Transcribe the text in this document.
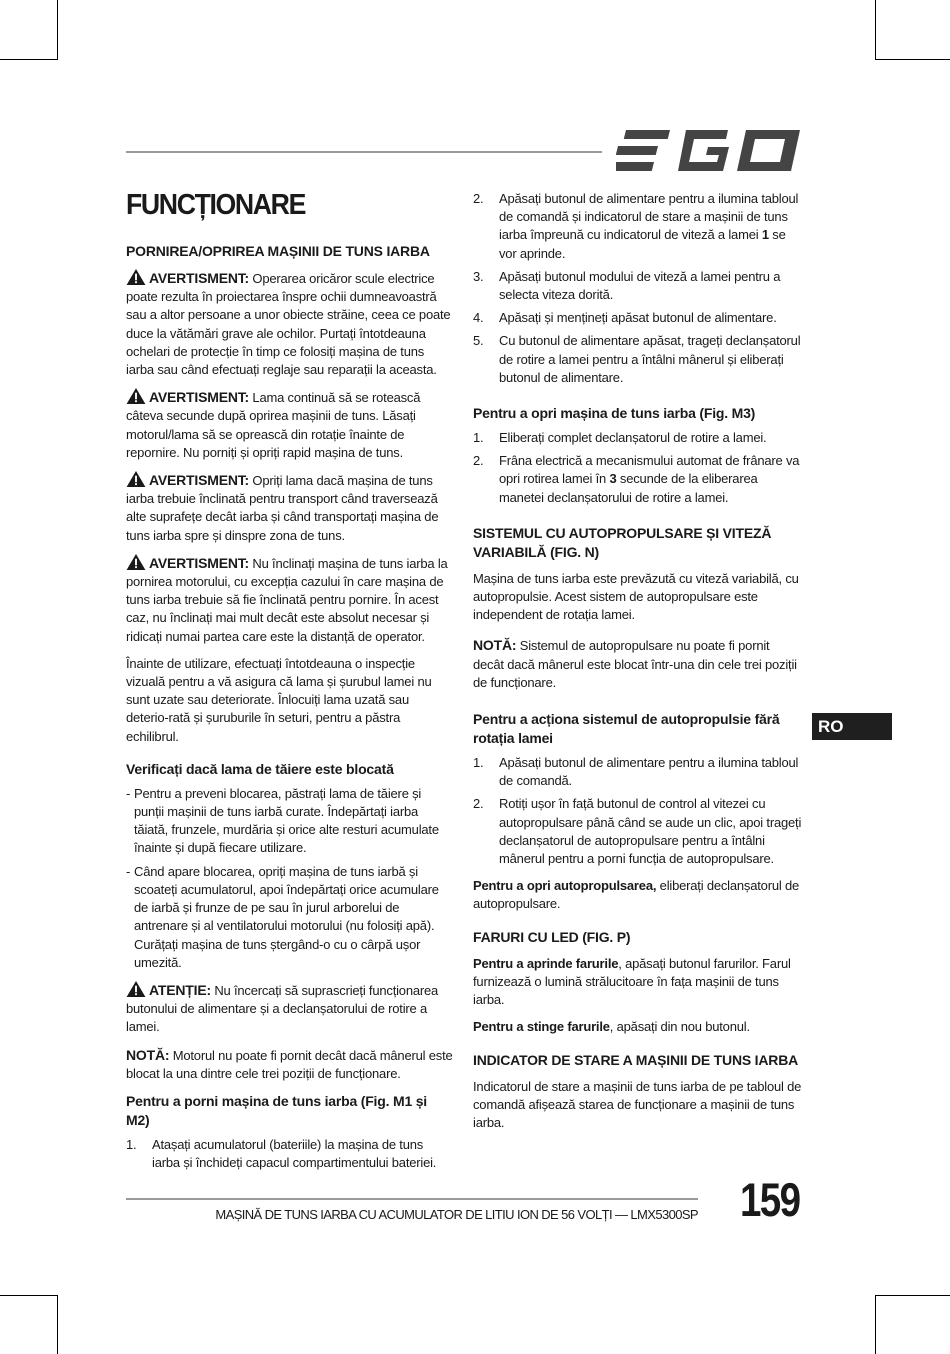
FUNCȚIONARE
PORNIREA/OPRIREA MAȘINII DE TUNS IARBA

AVERTISMENT: Operarea oricăror scule electrice poate rezulta în proiectarea înspre ochii dumneavoastră sau a altor persoane a unor obiecte străine, ceea ce poate duce la vătămări grave ale ochilor. Purtați întotdeauna ochelari de protecție în timp ce folosiți mașina de tuns iarba sau când efectuați reglaje sau reparații la aceasta.

AVERTISMENT: Lama continuă să se rotească câteva secunde după oprirea mașinii de tuns. Lăsați motorul/lama să se oprească din rotație înainte de repornire. Nu porniți și opriți rapid mașina de tuns.

AVERTISMENT: Opriți lama dacă mașina de tuns iarba trebuie înclinată pentru transport când traversează alte suprafețe decât iarba și când transportați mașina de tuns iarba spre și dinspre zona de tuns.

AVERTISMENT: Nu înclinați mașina de tuns iarba la pornirea motorului, cu excepția cazului în care mașina de tuns iarba trebuie să fie înclinată pentru pornire. În acest caz, nu înclinați mai mult decât este absolut necesar și ridicați numai partea care este la distanță de operator.

Înainte de utilizare, efectuați întotdeauna o inspecție vizuală pentru a vă asigura că lama și șurubul lamei nu sunt uzate sau deteriorate. Înlocuiți lama uzată sau deterio-rată și șuruburile în seturi, pentru a păstra echilibrul.

Verificați dacă lama de tăiere este blocată
- Pentru a preveni blocarea, păstrați lama de tăiere și punții mașinii de tuns iarbă curate. Îndepărtați iarba tăiată, frunzele, murdăria și orice alte resturi acumulate înainte și după fiecare utilizare.
- Când apare blocarea, opriți mașina de tuns iarbă și scoateți acumulatorul, apoi îndepărtați orice acumulare de iarbă și frunze de pe sau în jurul arborelui de antrenare și al ventilatorului motorului (nu folosiți apă). Curățați mașina de tuns ștergând-o cu o cârpă ușor umezită.

ATENȚIE: Nu încercați să suprascrieți funcționarea butonului de alimentare și a declanșatorului de rotire a lamei.

NOTĂ: Motorul nu poate fi pornit decât dacă mânerul este blocat la una dintre cele trei poziții de funcționare.

Pentru a porni mașina de tuns iarba (Fig. M1 și M2)
1. Atașați acumulatorul (bateriile) la mașina de tuns iarba și închideți capacul compartimentului bateriei.
2. Apăsați butonul de alimentare pentru a ilumina tabloul de comandă și indicatorul de stare a mașinii de tuns iarba împreună cu indicatorul de viteză a lamei 1 se vor aprinde.
3. Apăsați butonul modului de viteză a lamei pentru a selecta viteza dorită.
4. Apăsați și mențineți apăsat butonul de alimentare.
5. Cu butonul de alimentare apăsat, trageți declanșatorul de rotire a lamei pentru a întâlni mânerul și eliberați butonul de alimentare.
Pentru a opri mașina de tuns iarba (Fig. M3)
1. Eliberați complet declanșatorul de rotire a lamei.
2. Frâna electrică a mecanismului automat de frânare va opri rotirea lamei în 3 secunde de la eliberarea manetei declanșatorului de rotire a lamei.
SISTEMUL CU AUTOPROPULSARE ȘI VITEZĂ VARIABILĂ (FIG. N)

Mașina de tuns iarba este prevăzută cu viteză variabilă, cu autopropulsie. Acest sistem de autopropulsare este independent de rotația lamei.

NOTĂ: Sistemul de autopropulsare nu poate fi pornit decât dacă mânerul este blocat într-una din cele trei poziții de funcționare.

Pentru a acționa sistemul de autopropulsie fără rotația lamei
1. Apăsați butonul de alimentare pentru a ilumina tabloul de comandă.
2. Rotiți ușor în față butonul de control al vitezei cu autopropulsare până când se aude un clic, apoi trageți declanșatorul de autopropulsare pentru a întâlni mânerul pentru a porni funcția de autopropulsare.

Pentru a opri autopropulsarea, eliberați declanșatorul de autopropulsare.

FARURI CU LED (FIG. P)

Pentru a aprinde farurile, apăsați butonul farurilor. Farul furnizează o lumină strălucitoare în fața mașinii de tuns iarba.

Pentru a stinge farurile, apăsați din nou butonul.

INDICATOR DE STARE A MAȘINII DE TUNS IARBA

Indicatorul de stare a mașinii de tuns iarba de pe tabloul de comandă afișează starea de funcționare a mașinii de tuns iarba.

RO
MAȘINĂ DE TUNS IARBA CU ACUMULATOR DE LITIU ION DE 56 VOLȚI — LMX5300SP 159
